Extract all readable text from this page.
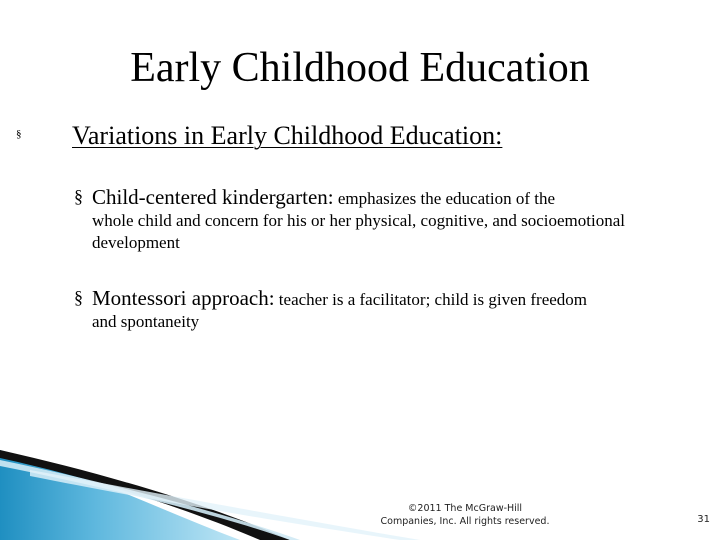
Early Childhood Education
§ Variations in Early Childhood Education:
§ Child-centered kindergarten: emphasizes the education of the
whole child and concern for his or her physical, cognitive, and socioemotional development
§ Montessori approach: teacher is a facilitator; child is given freedom
and spontaneity
©2011 The McGraw-Hill
Companies, Inc. All rights reserved.	31
